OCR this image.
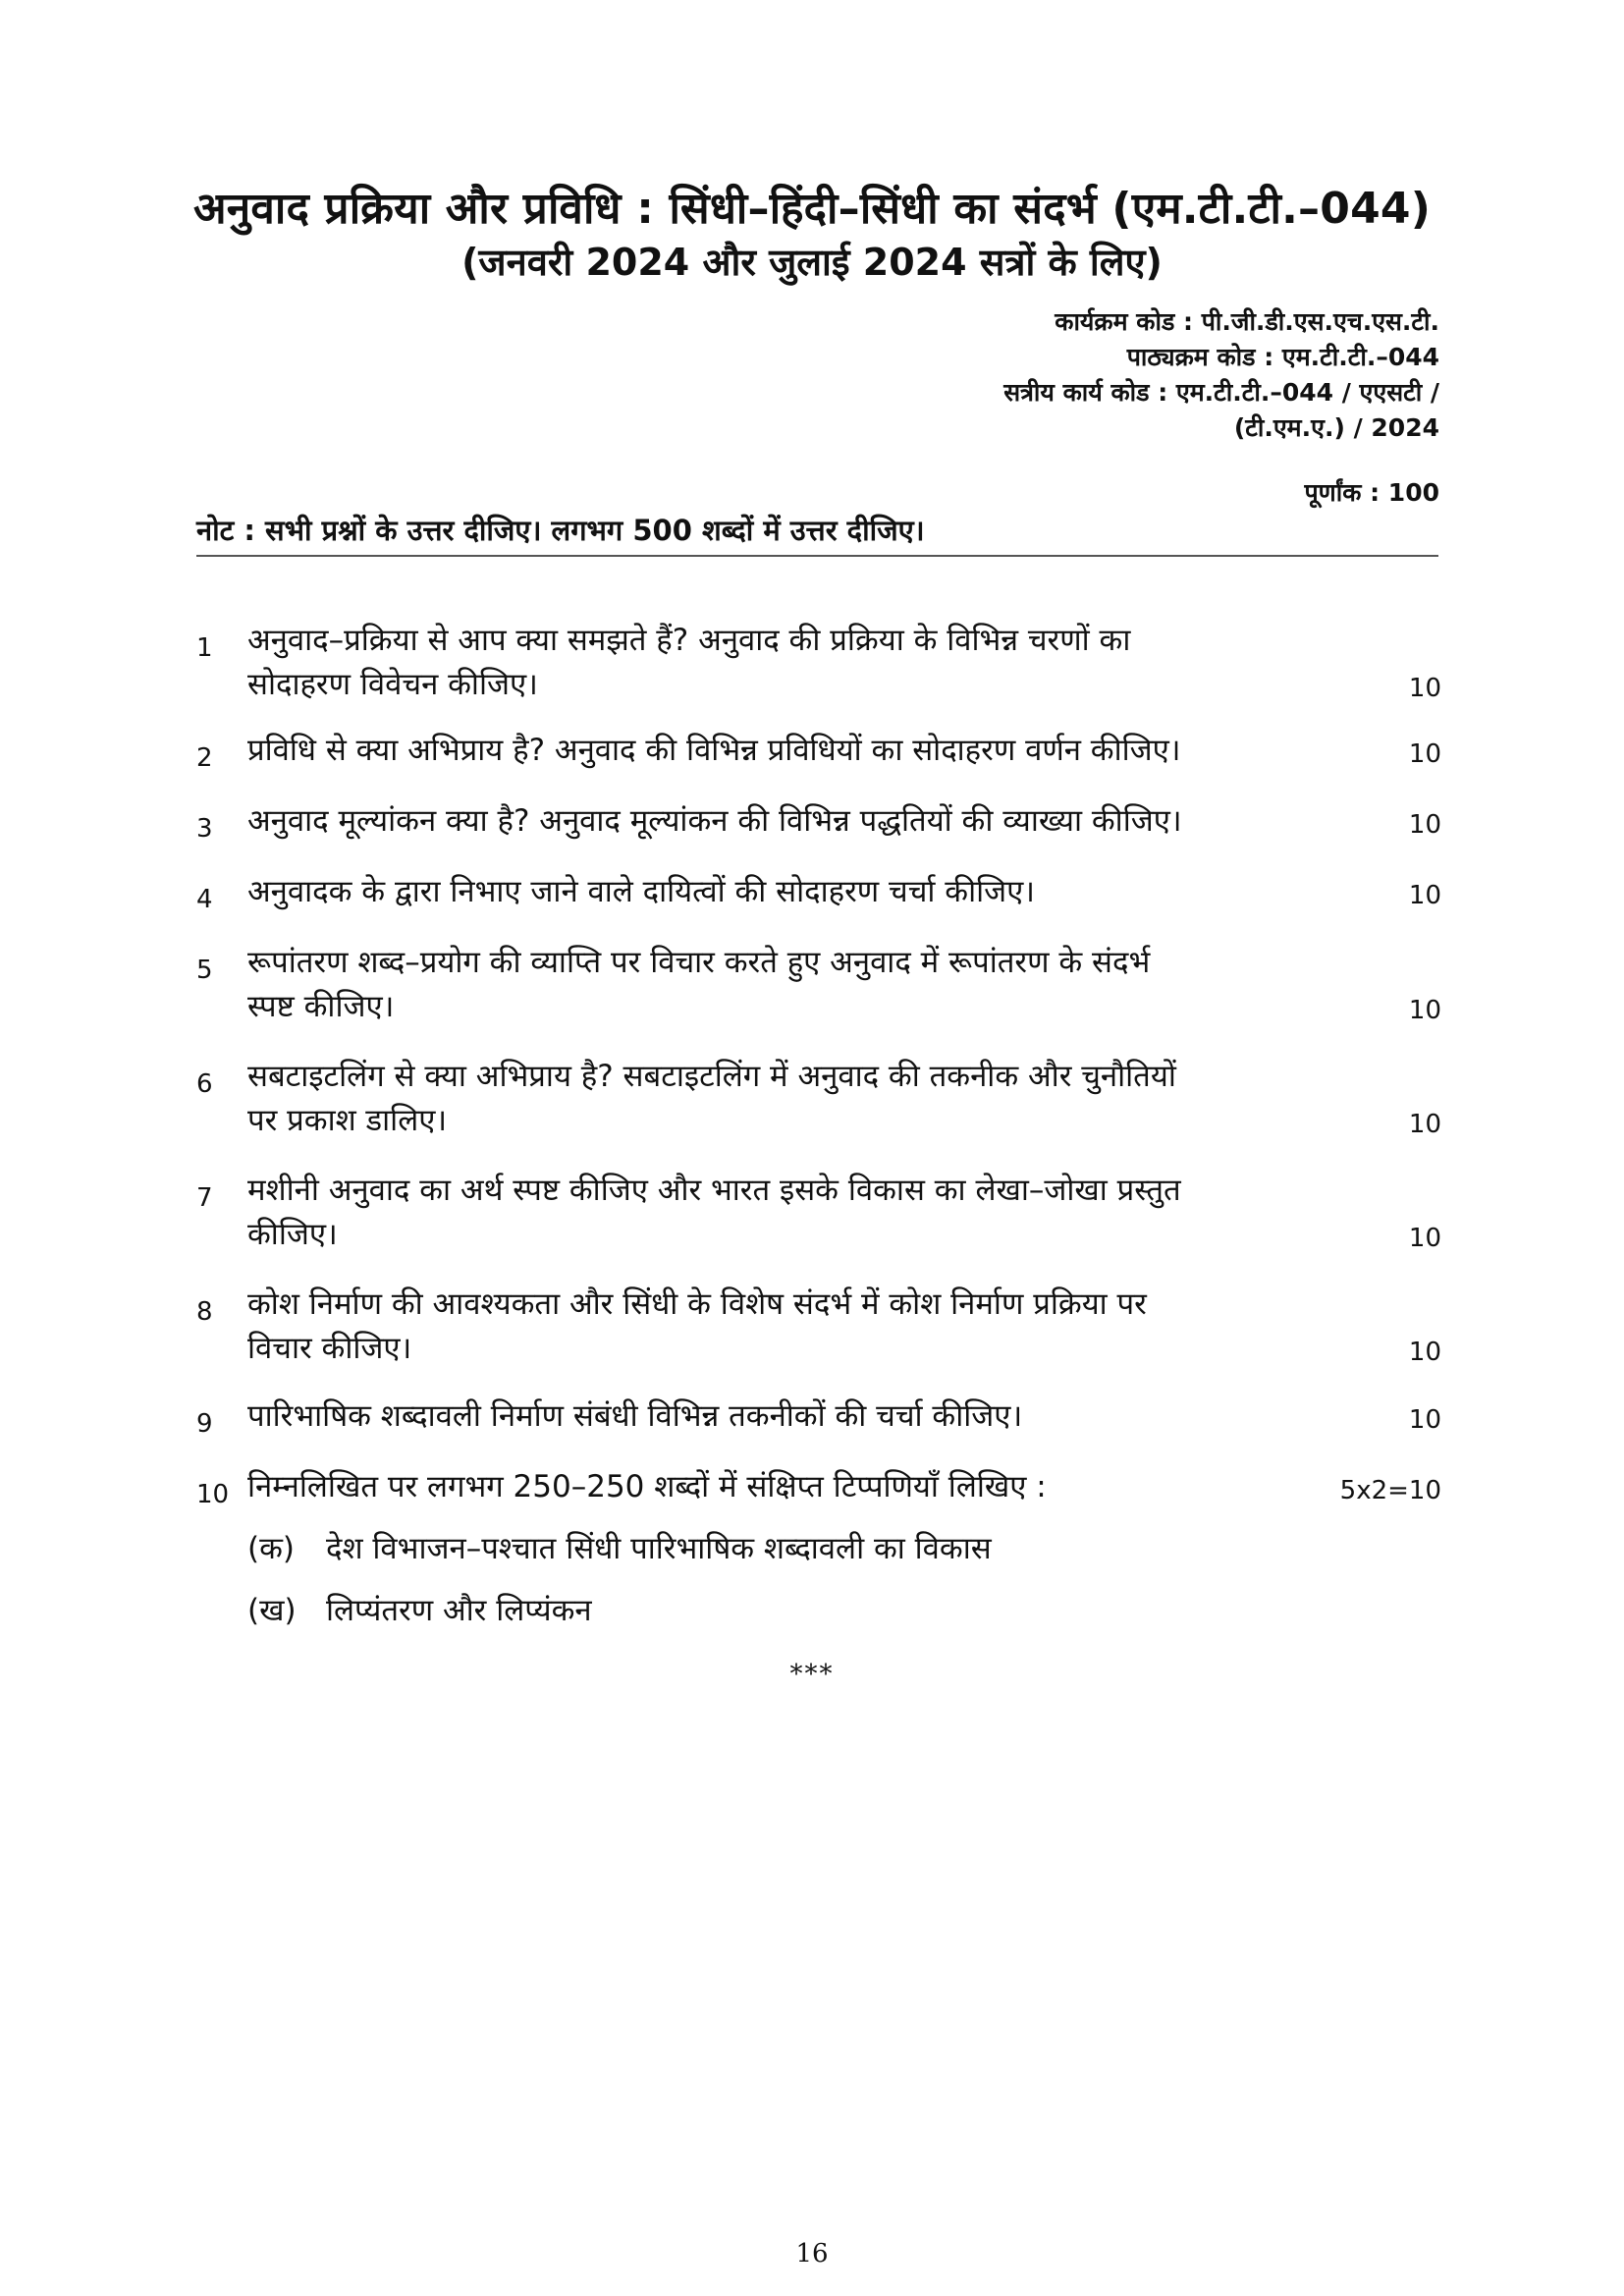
अनुवाद प्रक्रिया और प्रविधि : सिंधी–हिंदी–सिंधी का संदर्भ (एम.टी.टी.–044)
(जनवरी 2024 और जुलाई 2024 सत्रों के लिए)
कार्यक्रम कोड : पी.जी.डी.एस.एच.एस.टी.
पाठ्यक्रम कोड : एम.टी.टी.–044
सत्रीय कार्य कोड : एम.टी.टी.–044 / एएसटी /
(टी.एम.ए.) / 2024
पूर्णांक : 100
नोट : सभी प्रश्नों के उत्तर दीजिए। लगभग 500 शब्दों में उत्तर दीजिए।
1	अनुवाद–प्रक्रिया से आप क्या समझते हैं? अनुवाद की प्रक्रिया के विभिन्न चरणों का
सोदाहरण विवेचन कीजिए।	10
2	प्रविधि से क्या अभिप्राय है? अनुवाद की विभिन्न प्रविधियों का सोदाहरण वर्णन कीजिए।	10
3	अनुवाद मूल्यांकन क्या है? अनुवाद मूल्यांकन की विभिन्न पद्धतियों की व्याख्या कीजिए।	10
4	अनुवादक के द्वारा निभाए जाने वाले दायित्वों की सोदाहरण चर्चा कीजिए।	10
5	रूपांतरण शब्द–प्रयोग की व्याप्ति पर विचार करते हुए अनुवाद में रूपांतरण के संदर्भ
स्पष्ट कीजिए।	10
6	सबटाइटलिंग से क्या अभिप्राय है? सबटाइटलिंग में अनुवाद की तकनीक और चुनौतियों
पर प्रकाश डालिए।	10
7	मशीनी अनुवाद का अर्थ स्पष्ट कीजिए और भारत इसके विकास का लेखा–जोखा प्रस्तुत
कीजिए।	10
8	कोश निर्माण की आवश्यकता और सिंधी के विशेष संदर्भ में कोश निर्माण प्रक्रिया पर
विचार कीजिए।	10
9	पारिभाषिक शब्दावली निर्माण संबंधी विभिन्न तकनीकों की चर्चा कीजिए।	10
10 निम्नलिखित पर लगभग 250–250 शब्दों में संक्षिप्त टिप्पणियाँ लिखिए :	5x2=10
(क) देश विभाजन–पश्चात सिंधी पारिभाषिक शब्दावली का विकास
(ख) लिप्यंतरण और लिप्यंकन
***
16
